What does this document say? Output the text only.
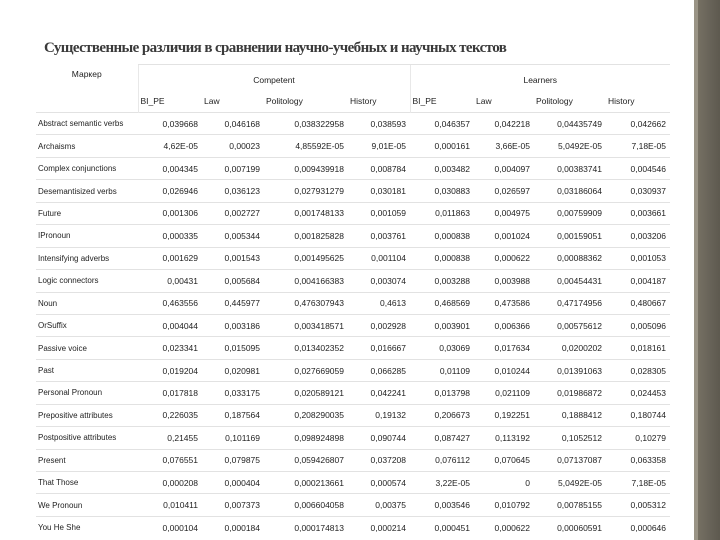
Существенные различия в сравнении научно-учебных и научных текстов
Маркер	Competent				Learners			
	BI_PE	Law	Politology	History	BI_PE	Law	Politology	History
Abstract semantic verbs	0,039668	0,046168	0,038322958	0,038593	0,046357	0,042218	0,04435749	0,042662
Archaisms	4,62E-05	0,00023	4,85592E-05	9,01E-05	0,000161	3,66E-05	5,0492E-05	7,18E-05
Complex conjunctions	0,004345	0,007199	0,009439918	0,008784	0,003482	0,004097	0,00383741	0,004546
Desemantisized verbs	0,026946	0,036123	0,027931279	0,030181	0,030883	0,026597	0,03186064	0,030937
Future	0,001306	0,002727	0,001748133	0,001059	0,011863	0,004975	0,00759909	0,003661
IPronoun	0,000335	0,005344	0,001825828	0,003761	0,000838	0,001024	0,00159051	0,003206
Intensifying adverbs	0,001629	0,001543	0,001495625	0,001104	0,000838	0,000622	0,00088362	0,001053
Logic connectors	0,00431	0,005684	0,004166383	0,003074	0,003288	0,003988	0,00454431	0,004187
Noun	0,463556	0,445977	0,476307943	0,4613	0,468569	0,473586	0,47174956	0,480667
OrSuffix	0,004044	0,003186	0,003418571	0,002928	0,003901	0,006366	0,00575612	0,005096
Passive voice	0,023341	0,015095	0,013402352	0,016667	0,03069	0,017634	0,0200202	0,018161
Past	0,019204	0,020981	0,027669059	0,066285	0,01109	0,010244	0,01391063	0,028305
Personal Pronoun	0,017818	0,033175	0,020589121	0,042241	0,013798	0,021109	0,01986872	0,024453
Prepositive attributes	0,226035	0,187564	0,208290035	0,19132	0,206673	0,192251	0,1888412	0,180744
Postpositive attributes	0,21455	0,101169	0,098924898	0,090744	0,087427	0,113192	0,1052512	0,10279
Present	0,076551	0,079875	0,059426807	0,037208	0,076112	0,070645	0,07137087	0,063358
That Those	0,000208	0,000404	0,000213661	0,000574	3,22E-05	0	5,0492E-05	7,18E-05
We Pronoun	0,010411	0,007373	0,006604058	0,00375	0,003546	0,010792	0,00785155	0,005312
You He She	0,000104	0,000184	0,000174813	0,000214	0,000451	0,000622	0,00060591	0,000646
